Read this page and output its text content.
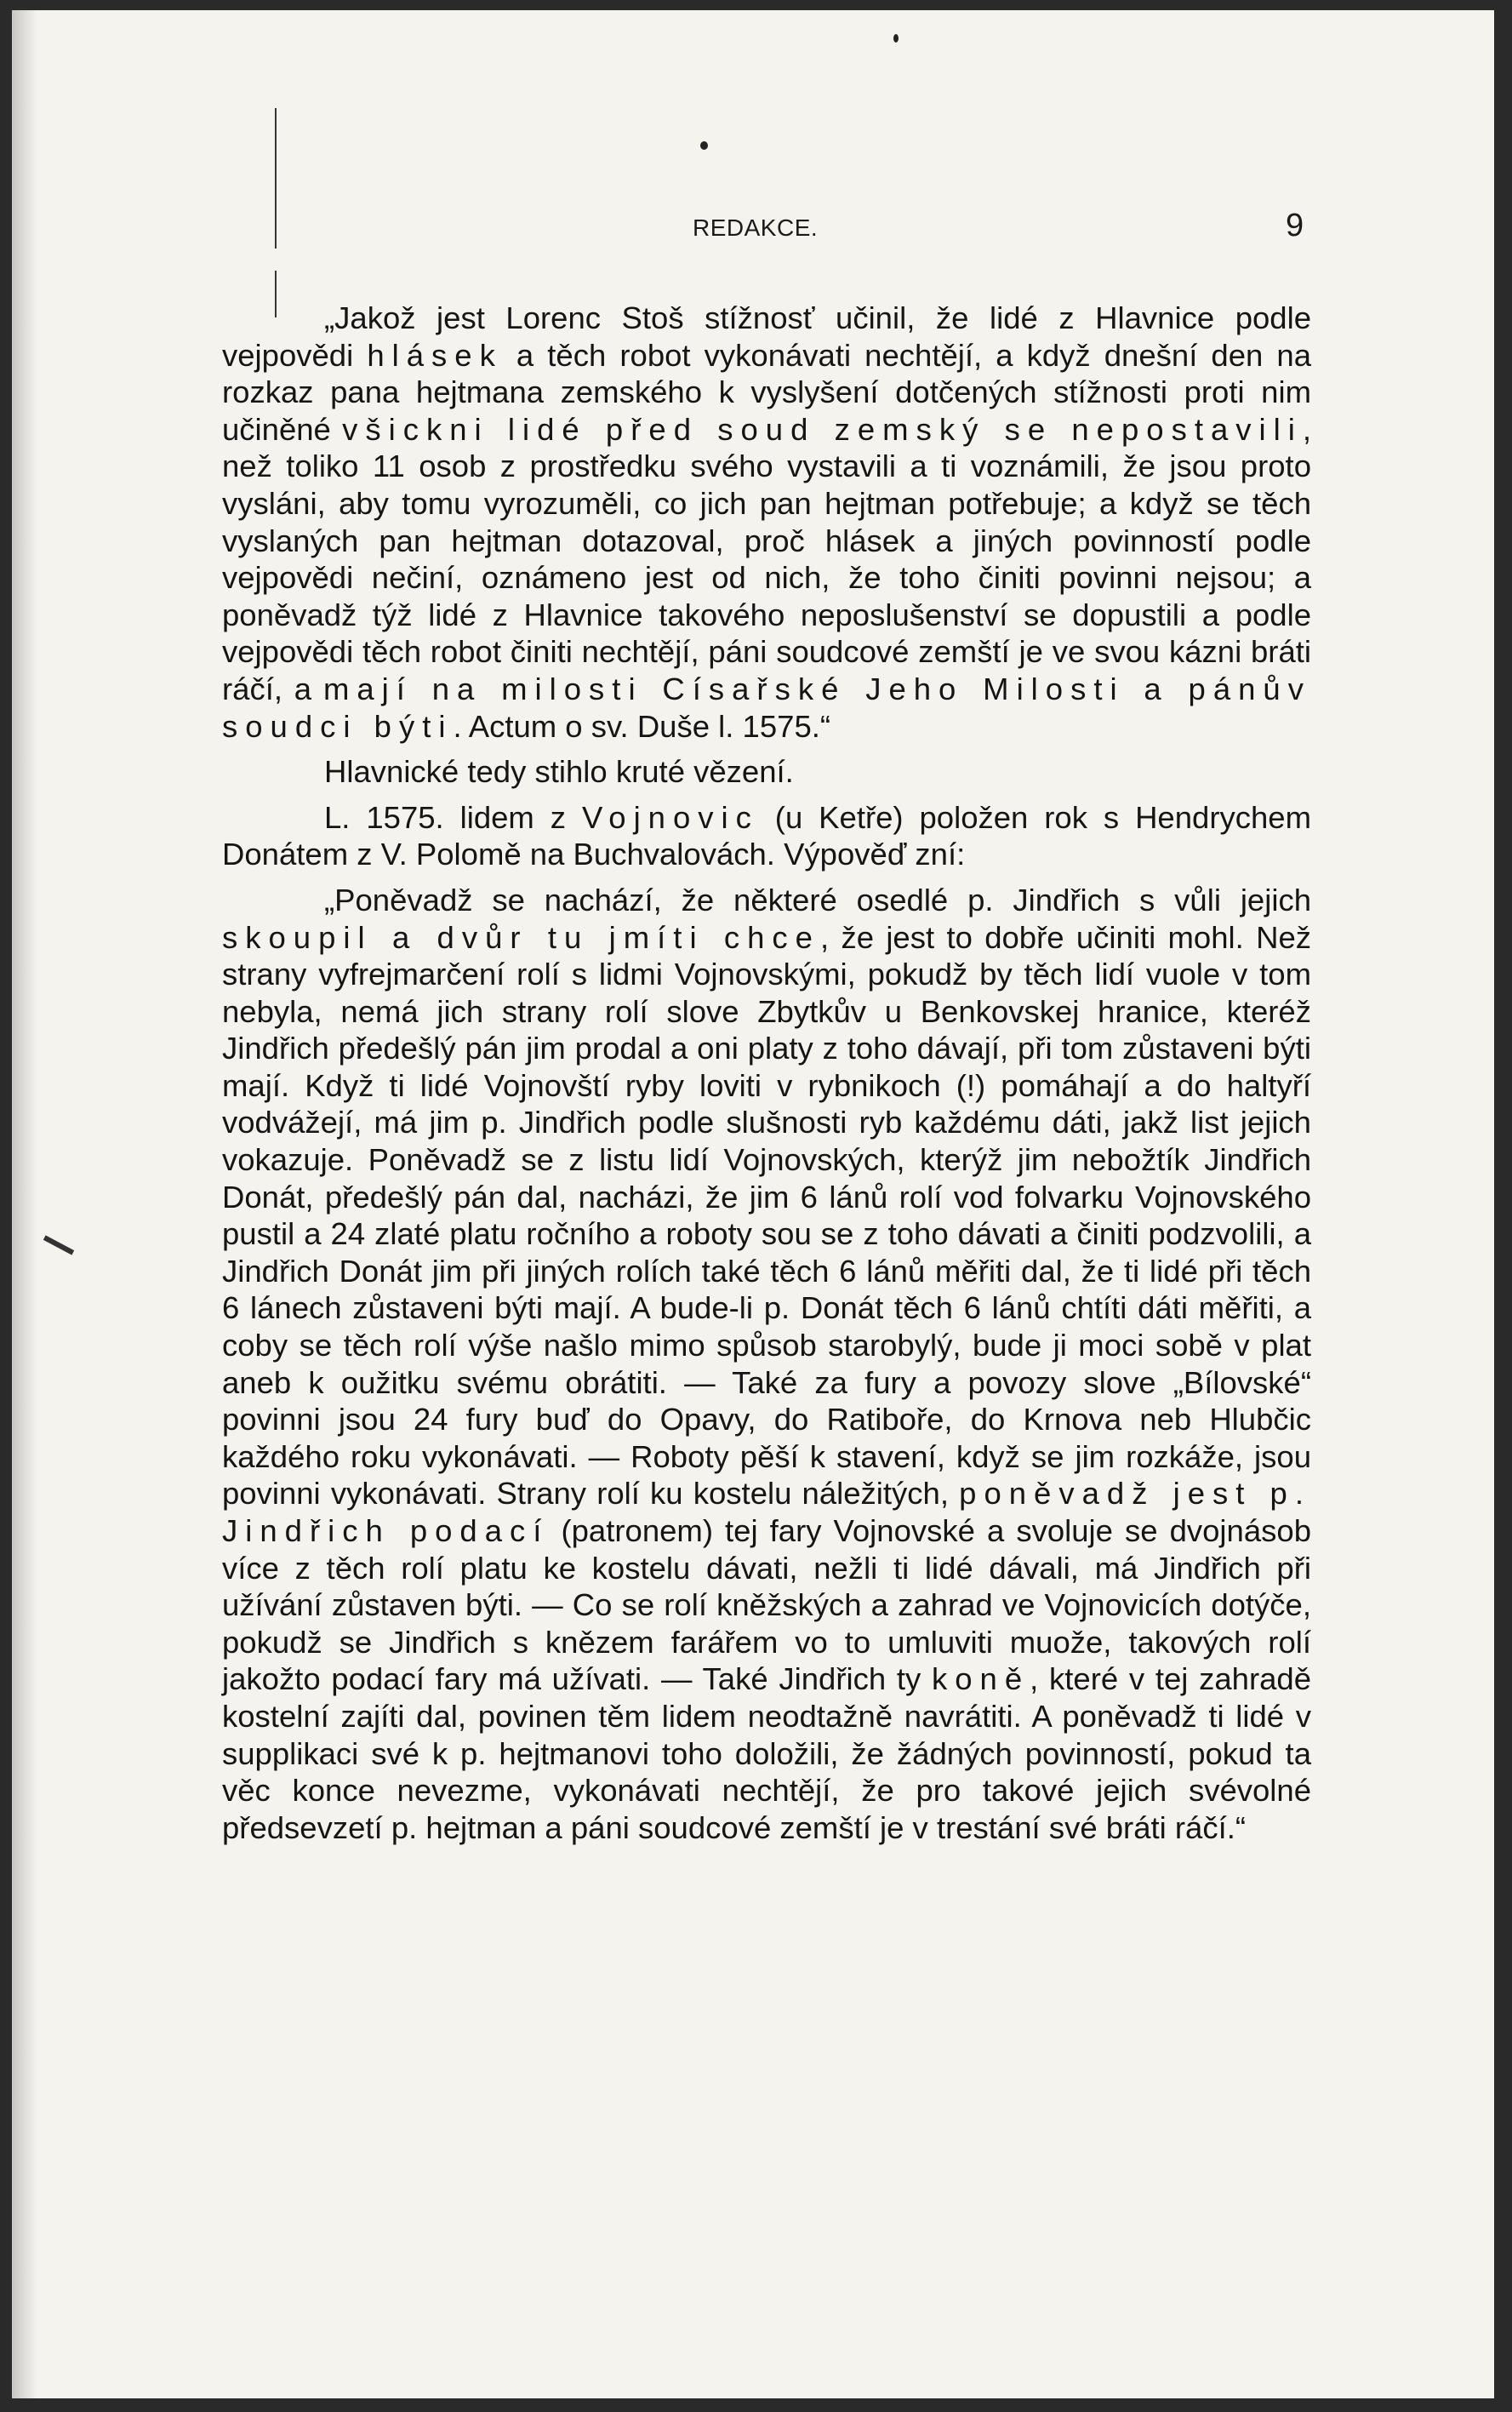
REDAKCE.	9

„Jakož jest Lorenc Stoš stížnosť učinil, že lidé z Hlavnice podle vejpovědi hlásek a těch robot vykonávati nechtějí, a když dnešní den na rozkaz pana hejtmana zemského k vyslyšení dotčených stížnosti proti nim učiněné všickni lidé před soud zemský se nepostavili, než toliko 11 osob z prostředku svého vystavili a ti voznámili, že jsou proto vysláni, aby tomu vyrozuměli, co jich pan hejtman potřebuje; a když se těch vyslaných pan hejtman dotazoval, proč hlásek a jiných povinností podle vejpovědi nečiní, oznámeno jest od nich, že toho činiti povinni nejsou; a poněvadž týž lidé z Hlavnice takového neposlušenství se dopustili a podle vejpovědi těch robot činiti nechtějí, páni soudcové zemští je ve svou kázni bráti ráčí, a mají na milosti Císařské Jeho Milosti a pánův soudci býti. Actum o sv. Duše l. 1575.“

Hlavnické tedy stihlo kruté vězení.

L. 1575. lidem z Vojnovic (u Ketře) položen rok s Hendrychem Donátem z V. Polomě na Buchvalovách. Výpověď zní:

„Poněvadž se nachází, že některé osedlé p. Jindřich s vůli jejich skoupil a dvůr tu jmíti chce, že jest to dobře učiniti mohl. Než strany vyfrejmarčení rolí s lidmi Vojnovskými, pokudž by těch lidí vuole v tom nebyla, nemá jich strany rolí slove Zbytkův u Benkovskej hranice, kteréž Jindřich předešlý pán jim prodal a oni platy z toho dávají, při tom zůstaveni býti mají. Když ti lidé Vojnovští ryby loviti v rybnikoch (!) pomáhají a do haltyří vodvážejí, má jim p. Jindřich podle slušnosti ryb každému dáti, jakž list jejich vokazuje. Poněvadž se z listu lidí Vojnovských, kterýž jim nebožtík Jindřich Donát, předešlý pán dal, nacházi, že jim 6 lánů rolí vod folvarku Vojnovského pustil a 24 zlaté platu ročního a roboty sou se z toho dávati a činiti podzvolili, a Jindřich Donát jim při jiných rolích také těch 6 lánů měřiti dal, že ti lidé při těch 6 lánech zůstaveni býti mají. A bude-li p. Donát těch 6 lánů chtíti dáti měřiti, a coby se těch rolí výše našlo mimo spůsob starobylý, bude ji moci sobě v plat aneb k oužitku svému obrátiti. — Také za fury a povozy slove „Bílovské“ povinni jsou 24 fury buď do Opavy, do Ratiboře, do Krnova neb Hlubčic každého roku vykonávati. — Roboty pěší k stavení, když se jim rozkáže, jsou povinni vykonávati. Strany rolí ku kostelu náležitých, poněvadž jest p. Jindřich podací (patronem) tej fary Vojnovské a svoluje se dvojnásob více z těch rolí platu ke kostelu dávati, nežli ti lidé dávali, má Jindřich při užívání zůstaven býti. — Co se rolí kněžských a zahrad ve Vojnovicích dotýče, pokudž se Jindřich s knězem farářem vo to umluviti muože, takových rolí jakožto podací fary má užívati. — Také Jindřich ty koně, které v tej zahradě kostelní zajíti dal, povinen těm lidem neodtažně navrátiti. A poněvadž ti lidé v supplikaci své k p. hejtmanovi toho doložili, že žádných povinností, pokud ta věc konce nevezme, vykonávati nechtějí, že pro takové jejich svévolné předsevzetí p. hejtman a páni soudcové zemští je v trestání své bráti ráčí.“
